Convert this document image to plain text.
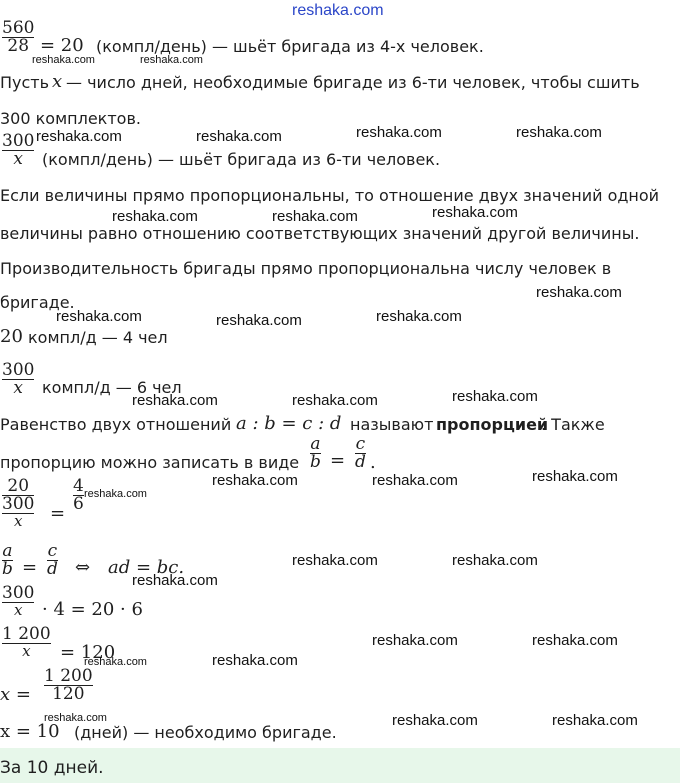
reshaka.com
560
28 = 20 (компл/день) — шьёт бригада из 4-х человек.
Пусть x — число дней, необходимые бригаде из 6-ти человек, чтобы сшить
300 комплектов.
300
x (компл/день) — шьёт бригада из 6-ти человек.
Если величины прямо пропорциональны, то отношение двух значений одной
величины равно отношению соответствующих значений другой величины.
Производительность бригады прямо пропорциональна числу человек в
бригаде.
20 компл/д — 4 чел
300
x компл/д — 6 чел
Равенство двух отношений a : b = c : d называют пропорцией
. Также
пропорцию можно записать в виде
a
b =
c
d .
20
$\frac{300}{x}$ =
4
6
a
b =
c
d ⇔ ad = bc.
300
x · 4 = 20 · 6
1 200
x = 120
x =
1 200
120
x = 10 (дней) — необходимо бригаде.
За 10 дней.
reshaka.com	reshaka.com
reshaka.com	reshaka.com	reshaka.com	reshaka.com
reshaka.com	reshaka.com	reshaka.com
reshaka.com
reshaka.com	reshaka.com	reshaka.com
reshaka.com	reshaka.com	reshaka.com
reshaka.com	reshaka.com	reshaka.com
reshaka.com
reshaka.com	reshaka.com
reshaka.com
reshaka.com	reshaka.com
reshaka.com
reshaka.com
reshaka.com	reshaka.com
reshaka.com
